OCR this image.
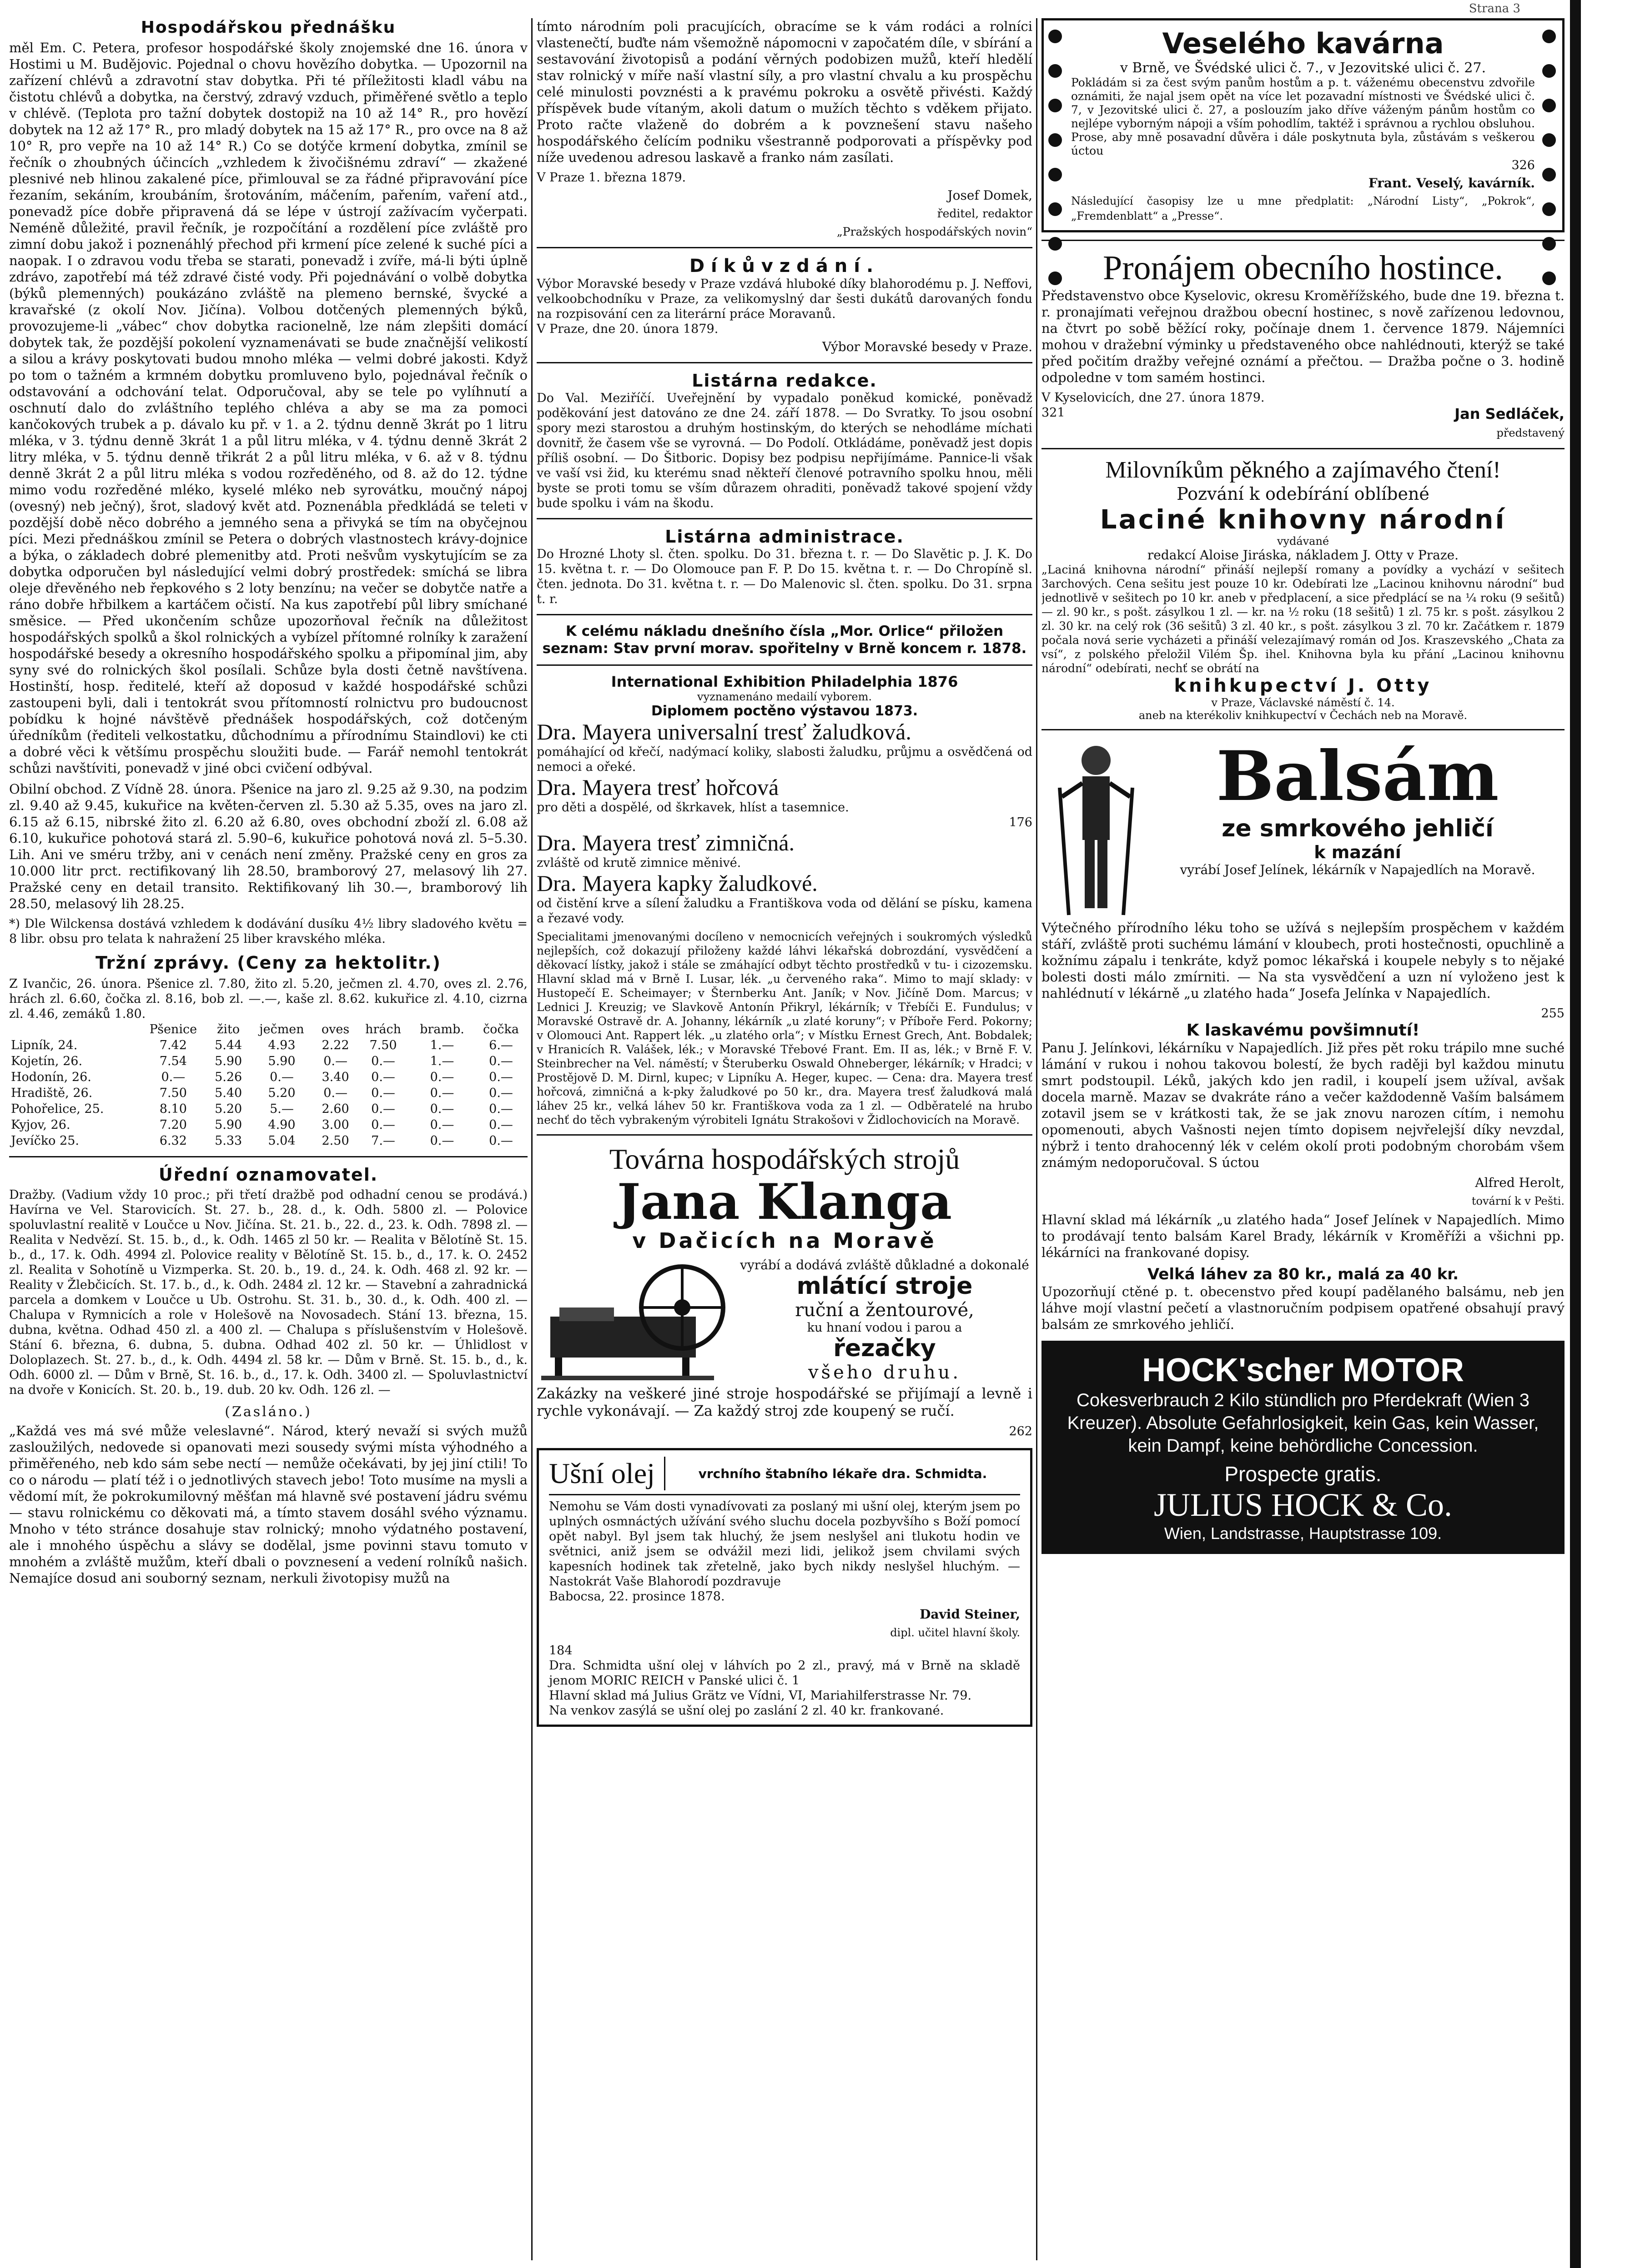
Strana 3
Hospodářskou přednášku

měl Em. C. Petera, profesor hospodářské školy znojemské dne 16. února v Hostimi u M. Budějovic. Pojednal o chovu hovězího dobytka. — Upozornil na zařízení chlévů a zdravotní stav dobytka. Při té příležitosti kladl vábu na čistotu chlévů a dobytka, na čerstvý, zdravý vzduch, přiměřené světlo a teplo v chlévě. (Teplota pro tažní dobytek dostopiž na 10 až 14° R., pro hovězí dobytek na 12 až 17° R., pro mladý dobytek na 15 až 17° R., pro ovce na 8 až 10° R, pro vepře na 10 až 14° R.) Co se dotýče krmení dobytka, zmínil se řečník o zhoubných účincích „vzhledem k živočišnému zdraví“ — zkažené plesnivé neb hlinou zakalené píce, přimlouval se za řádné připravování píce řezaním, sekáním, kroubáním, šrotováním, máčením, pařením, vaření atd., ponevadž píce dobře připravená dá se lépe v ústrojí zažívacím vyčerpati. Neméně důležité, pravil řečník, je rozpočítání a rozdělení píce zvláště pro zimní dobu jakož i poznenáhlý přechod při krmení píce zelené k suché píci a naopak. I o zdravou vodu třeba se starati, ponevadž i zvíře, má-li býti úplně zdrávo, zapotřebí má též zdravé čisté vody. Při pojednávání o volbě dobytka (býků plemenných) poukázáno zvláště na plemeno bernské, švycké a kravařské (z okolí Nov. Jičína). Volbou dotčených plemenných býků, provozujeme-li „vábec“ chov dobytka racionelně, lze nám zlepšiti domácí dobytek tak, že pozdější pokolení vyznamenávati se bude značnější velikostí a silou a krávy poskytovati budou mnoho mléka — velmi dobré jakosti. Když po tom o tažném a krmném dobytku promluveno bylo, pojednával řečník o odstavování a odchování telat. Odporučoval, aby se tele po vylíhnutí a oschnutí dalo do zvláštního teplého chléva a aby se ma za pomoci kančokových trubek a p. dávalo ku př. v 1. a 2. týdnu denně 3krát po 1 litru mléka, v 3. týdnu denně 3krát 1 a půl litru mléka, v 4. týdnu denně 3krát 2 litry mléka, v 5. týdnu denně třikrát 2 a půl litru mléka, v 6. až v 8. týdnu denně 3krát 2 a půl litru mléka s vodou rozředěného, od 8. až do 12. týdne mimo vodu rozředěné mléko, kyselé mléko neb syrovátku, moučný nápoj (ovesný) neb ječný), šrot, sladový květ atd. Poznenábla předkládá se teleti v pozdější době něco dobrého a jemného sena a přivyká se tím na obyčejnou píci. Mezi přednáškou zmínil se Petera o dobrých vlastnostech krávy-dojnice a býka, o základech dobré plemenitby atd. Proti nešvům vyskytujícím se za dobytka odporučen byl následující velmi dobrý prostředek: smíchá se libra oleje dřevěného neb řepkového s 2 loty benzínu; na večer se dobytče natře a ráno dobře hřbilkem a kartáčem očistí. Na kus zapotřebí půl libry smíchané směsice. — Před ukončením schůze upozorňoval řečník na důležitost hospodářských spolků a škol rolnických a vybízel přítomné rolníky k zaražení hospodářské besedy a okresního hospodářského spolku a připomínal jim, aby syny své do rolnických škol posílali. Schůze byla dosti četně navštívena. Hostinští, hosp. ředitelé, kteří až doposud v každé hospodářské schůzi zastoupeni byli, dali i tentokrát svou přítomností rolnictvu pro budoucnost pobídku k hojné návštěvě přednášek hospodářských, což dotčeným úředníkům (řediteli velkostatku, důchodnímu a přírodnímu Staindlovi) ke cti a dobré věci k většímu prospěchu sloužiti bude. — Farář nemohl tentokrát schůzi navštíviti, ponevadž v jiné obci cvičení odbýval.

Obilní obchod. Z Vídně 28. února. Pšenice na jaro zl. 9.25 až 9.30, na podzim zl. 9.40 až 9.45, kukuřice na květen-červen zl. 5.30 až 5.35, oves na jaro zl. 6.15 až 6.15, nibrské žito zl. 6.20 až 6.80, oves obchodní zboží zl. 6.08 až 6.10, kukuřice pohotová stará zl. 5.90–6, kukuřice pohotová nová zl. 5–5.30. Lih. Ani ve sméru tržby, ani v cenách není změny. Pražské ceny en gros za 10.000 litr prct. rectifikovaný lih 28.50, bramborový 27, melasový lih 27. Pražské ceny en detail transito. Rektifikovaný lih 30.—, bramborový lih 28.50, melasový lih 28.25.

*) Dle Wilckensa dostává vzhledem k dodávání dusíku 4½ libry sladového květu = 8 libr. obsu pro telata k nahražení 25 liber kravského mléka.

Tržní zprávy. (Ceny za hektolitr.)

Z Ivančic, 26. února. Pšenice zl. 7.80, žito zl. 5.20, ječmen zl. 4.70, oves zl. 2.76, hrách zl. 6.60, čočka zl. 8.16, bob zl. —.—, kaše zl. 8.62. kukuřice zl. 4.10, cizrna zl. 4.46, zemáků 1.80.

	Pšenice	žito	ječmen	oves	hrách	bramb.	čočka
Lipník, 24.	7.42	5.44	4.93	2.22	7.50	1.—	6.—
Kojetín, 26.	7.54	5.90	5.90	0.—	0.—	1.—	0.—
Hodonín, 26.	0.—	5.26	0.—	3.40	0.—	0.—	0.—
Hradiště, 26.	7.50	5.40	5.20	0.—	0.—	0.—	0.—
Pohořelice, 25.	8.10	5.20	5.—	2.60	0.—	0.—	0.—
Kyjov, 26.	7.20	5.90	4.90	3.00	0.—	0.—	0.—
Jevíčko 25.	6.32	5.33	5.04	2.50	7.—	0.—	0.—
Úřední oznamovatel.

Dražby. (Vadium vždy 10 proc.; při třetí dražbě pod odhadní cenou se prodává.) Havírna ve Vel. Starovicích. St. 27. b., 28. d., k. Odh. 5800 zl. — Polovice spoluvlastní realitě v Loučce u Nov. Jičína. St. 21. b., 22. d., 23. k. Odh. 7898 zl. — Realita v Nedvězí. St. 15. b., d., k. Odh. 1465 zl 50 kr. — Realita v Bělotíně St. 15. b., d., 17. k. Odh. 4994 zl. Polovice reality v Bělotíně St. 15. b., d., 17. k. O. 2452 zl. Realita v Sohotíně u Vizmperka. St. 20. b., 19. d., 24. k. Odh. 468 zl. 92 kr. — Reality v Žlebčicích. St. 17. b., d., k. Odh. 2484 zl. 12 kr. — Stavební a zahradnická parcela a domkem v Loučce u Ub. Ostrohu. St. 31. b., 30. d., k. Odh. 400 zl. — Chalupa v Rymnicích a role v Holešově na Novosadech. Stání 13. března, 15. dubna, května. Odhad 450 zl. a 400 zl. — Chalupa s příslušenstvím v Holešově. Stání 6. března, 6. dubna, 5. dubna. Odhad 402 zl. 50 kr. — Úhlidlost v Doloplazech. St. 27. b., d., k. Odh. 4494 zl. 58 kr. — Dům v Brně. St. 15. b., d., k. Odh. 6000 zl. — Dům v Brně, St. 16. b., d., 17. k. Odh. 3400 zl. — Spoluvlastnictví na dvoře v Konicích. St. 20. b., 19. dub. 20 kv. Odh. 126 zl. —

(Zasláno.)

„Každá ves má své může veleslavné“. Národ, který nevaží si svých mužů zasloužilých, nedovede si opanovati mezi sousedy svými místa výhodného a přiměřeného, neb kdo sám sebe nectí — nemůže očekávati, by jej jiní ctili! To co o národu — platí též i o jednotlivých stavech jebo! Toto musíme na mysli a vědomí mít, že pokrokumilovný měšťan má hlavně své postavení jádru svému — stavu rolnickému co děkovati má, a tímto stavem dosáhl svého významu. Mnoho v této stránce dosahuje stav rolnický; mnoho výdatného postavení, ale i mnohého úspěchu a slávy se dodělal, jsme povinni stavu tomuto v mnohém a zvláště mužům, kteří dbali o povznesení a vedení rolníků našich. Nemajíce dosud ani souborný seznam, nerkuli životopisy mužů na

tímto národním poli pracujících, obracíme se k vám rodáci a rolníci vlastenečtí, buďte nám všemožně nápomocni v započatém díle, v sbírání a sestavování životopisů a podání věrných podobizen mužů, kteří hledělí stav rolnický v míře naší vlastní síly, a pro vlastní chvalu a ku prospěchu celé minulosti povznésti a k pravému pokroku a osvětě přivésti. Každý příspěvek bude vítaným, akoli datum o mužích těchto s vděkem přijato. Proto račte vlaženě do dobrém a k povznešení stavu našeho hospodářského čelícím podniku všestranně podporovati a příspěvky pod níže uvedenou adresou laskavě a franko nám zasílati.

V Praze 1. března 1879.
Josef Domek,
ředitel, redaktor
„Pražských hospodářských novin“
Díkůvzdání.

Výbor Moravské besedy v Praze vzdává hluboké díky blahorodému p. J. Neffovi, velkoobchodníku v Praze, za velikomyslný dar šesti dukátů darovaných fondu na rozpisování cen za literární práce Moravanů.

V Praze, dne 20. února 1879.
Výbor Moravské besedy v Praze.
Listárna redakce.

Do Val. Meziříčí. Uveřejnění by vypadalo poněkud komické, poněvadž poděkování jest datováno ze dne 24. září 1878. — Do Svratky. To jsou osobní spory mezi starostou a druhým hostinským, do kterých se nehodláme míchati dovnitř, že časem vše se vyrovná. — Do Podolí. Otkládáme, poněvadž jest dopis příliš osobní. — Do Šitboric. Dopisy bez podpisu nepřijímáme. Pannice-li však ve vaší vsi žid, ku kterému snad někteří členové potravního spolku hnou, měli byste se proti tomu se vším důrazem ohraditi, poněvadž takové spojení vždy bude spolku i vám na škodu.

Listárna administrace.

Do Hrozné Lhoty sl. čten. spolku. Do 31. března t. r. — Do Slavětic p. J. K. Do 15. května t. r. — Do Olomouce pan F. P. Do 15. května t. r. — Do Chropíně sl. čten. jednota. Do 31. května t. r. — Do Malenovic sl. čten. spolku. Do 31. srpna t. r.

K celému nákladu dnešního čísla „Mor. Orlice“ přiložen seznam: Stav první morav. spořitelny v Brně koncem r. 1878.
International Exhibition Philadelphia 1876
vyznamenáno medailí vyborem.
Diplomem poctěno výstavou 1873.
Dra. Mayera universalní tresť žaludková.
pomáhající od křečí, nadýmací koliky, slabosti žaludku, průjmu a osvědčená od nemoci a ořeké.
Dra. Mayera tresť hořcová
pro děti a dospělé, od škrkavek, hlíst a tasemnice.
176
Dra. Mayera tresť zimničná.
zvláště od krutě zimnice měnivé.
Dra. Mayera kapky žaludkové.
od čistění krve a sílení žaludku a Františkova voda od dělání se písku, kamena a řezavé vody.

Specialitami jmenovanými docíleno v nemocnicích veřejných i soukromých výsledků nejlepších, což dokazují přiloženy každé láhvi lékařská dobrozdání, vysvědčení a děkovací lístky, jakož i stále se zmáhající odbyt těchto prostředků v tu- i cizozemsku. Hlavní sklad má v Brně I. Lusar, lék. „u červeného raka“. Mimo to mají sklady: v Hustopečí E. Scheimayer; v Šternberku Ant. Janík; v Nov. Jičíně Dom. Marcus; v Lednici J. Kreuzig; ve Slavkově Antonín Přikryl, lékárník; v Třebíči E. Fundulus; v Moravské Ostravě dr. A. Johanny, lékárník „u zlaté koruny“; v Příboře Ferd. Pokorny; v Olomouci Ant. Rappert lék. „u zlatého orla“; v Místku Ernest Grech, Ant. Bobdalek; v Hranicích R. Valášek, lék.; v Moravské Třebové Frant. Em. II as, lék.; v Brně F. V. Steinbrecher na Vel. náměstí; v Šteruberku Oswald Ohneberger, lékárník; v Hradci; v Prostějově D. M. Dirnl, kupec; v Lipníku A. Heger, kupec. — Cena: dra. Mayera tresť hořcová, zimničná a k-pky žaludkové po 50 kr., dra. Mayera tresť žaludková malá láhev 25 kr., velká láhev 50 kr. Františkova voda za 1 zl. — Odběratelé na hrubo nechť do těch vybrakeným výrobiteli Ignátu Strakošovi v Židlochovicích na Moravě.

Továrna hospodářských strojů
Jana Klanga
v Dačicích na Moravě
vyrábí a dodává zvláště důkladné a dokonalé
mlátící stroje
ruční a žentourové,
ku hnaní vodou i parou a
řezačky
všeho druhu.

Zakázky na veškeré jiné stroje hospodářské se přijímají a levně i rychle vykonávají. — Za každý stroj zde koupený se ručí.

262
Ušní olej	vrchního štabního lékaře dra. Schmidta.

Nemohu se Vám dosti vynadívovati za poslaný mi ušní olej, kterým jsem po uplných osmnáctých užívání svého sluchu docela pozbyvšího s Boží pomocí opět nabyl. Byl jsem tak hluchý, že jsem neslyšel ani tlukotu hodin ve světnici, aniž jsem se odvážil mezi lidi, jelikož jsem chvilami svých kapesních hodinek tak zřetelně, jako bych nikdy neslyšel hluchým. — Nastokrát Vaše Blahorodí pozdravuje

Babocsa, 22. prosince 1878.
David Steiner,
dipl. učitel hlavní školy.
184

Dra. Schmidta ušní olej v láhvích po 2 zl., pravý, má v Brně na skladě jenom MORIC REICH v Panské ulici č. 1

Hlavní sklad má Julius Grätz ve Vídni, VI, Mariahilferstrasse Nr. 79.

Na venkov zasýlá se ušní olej po zaslání 2 zl. 40 kr. frankované.

Veselého kavárna
v Brně, ve Švédské ulici č. 7., v Jezovitské ulici č. 27.

Pokládám si za čest svým panům hostům a p. t. váženému obecenstvu zdvořile oznámiti, že najal jsem opět na více let pozavadní místnosti ve Švédské ulici č. 7, v Jezovitské ulici č. 27, a poslouzím jako dříve váženým pánům hostům co nejlépe vyborným nápoji a vším pohodlím, taktéž i správnou a rychlou obsluhou. Prose, aby mně posavadní důvěra i dále poskytnuta byla, zůstávám s veškerou úctou

326
Frant. Veselý, kavárník.

Následující časopisy lze u mne předplatit: „Národní Listy“, „Pokrok“, „Fremdenblatt“ a „Presse“.

Pronájem obecního hostince.

Představenstvo obce Kyselovic, okresu Kroměřížského, bude dne 19. března t. r. pronajímati veřejnou dražbou obecní hostinec, s nově zařízenou ledovnou, na čtvrt po sobě běžící roky, počínaje dnem 1. července 1879. Nájemníci mohou v dražební výminky u představeného obce nahlédnouti, kterýž se také před počitím dražby veřejné oznámí a přečtou. — Dražba počne o 3. hodině odpoledne v tom samém hostinci.

V Kyselovicích, dne 27. února 1879.
321	Jan Sedláček,
představený
Milovníkům pěkného a zajímavého čtení!
Pozvání k odebírání oblíbené
Laciné knihovny národní
vydávané
redakcí Aloise Jiráska, nákladem J. Otty v Praze.

„Laciná knihovna národní“ přináší nejlepší romany a povídky a vychází v sešitech 3archových. Cena sešitu jest pouze 10 kr. Odebírati lze „Lacinou knihovnu národní“ bud jednotlivě v sešitech po 10 kr. aneb v předplacení, a sice předplácí se na ¼ roku (9 sešitů) — zl. 90 kr., s pošt. zásylkou 1 zl. — kr. na ½ roku (18 sešitů) 1 zl. 75 kr. s pošt. zásylkou 2 zl. 30 kr. na celý rok (36 sešitů) 3 zl. 40 kr., s pošt. zásylkou 3 zl. 70 kr. Začátkem r. 1879 počala nová serie vycházeti a přináší velezajímavý román od Jos. Kraszevského „Chata za vsí“, z polského přeložil Vilém Šp. ihel. Knihovna byla ku přání „Lacinou knihovnu národní“ odebírati, nechť se obrátí na

knihkupectví J. Otty
v Praze, Václavské náměstí č. 14.
aneb na kterékoliv knihkupectví v Čechách neb na Moravě.
Balsám
ze smrkového jehličí
k mazání
vyrábí Josef Jelínek, lékárník v Napajedlích na Moravě.

Výtečného přírodního léku toho se užívá s nejlepším prospěchem v každém stáří, zvláště proti suchému lámání v kloubech, proti hostečnosti, opuchlině a kožnímu zápalu i tenkráte, když pomoc lékařská i koupele nebyly s to nějaké bolesti dosti málo zmírniti. — Na sta vysvědčení a uzn ní vyloženo jest k nahlédnutí v lékárně „u zlatého hada“ Josefa Jelínka v Napajedlích.

255
K laskavému povšimnutí!

Panu J. Jelínkovi, lékárníku v Napajedlích. Již přes pět roku trápilo mne suché lámání v rukou i nohou takovou bolestí, že bych raději byl každou minutu smrt podstoupil. Léků, jakých kdo jen radil, i koupelí jsem užíval, avšak docela marně. Mazav se dvakráte ráno a večer každodenně Vaším balsámem zotavil jsem se v krátkosti tak, že se jak znovu narozen cítím, i nemohu opomenouti, abych Vašnosti nejen tímto dopisem nejvřelejší díky nevzdal, nýbrž i tento drahocenný lék v celém okolí proti podobným chorobám všem známým nedoporučoval. S úctou

Alfred Herolt,
tovární k v Pešti.

Hlavní sklad má lékárník „u zlatého hada“ Josef Jelínek v Napajedlích. Mimo to prodávají tento balsám Karel Brady, lékárník v Kroměříži a všichni pp. lékárníci na frankované dopisy.

Velká láhev za 80 kr., malá za 40 kr.

Upozorňují ctěné p. t. obecenstvo před koupí padělaného balsámu, neb jen láhve mojí vlastní pečetí a vlastnoručním podpisem opatřené obsahují pravý balsám ze smrkového jehličí.

HOCK'scher MOTOR
Cokesverbrauch 2 Kilo stündlich pro Pferdekraft (Wien 3 Kreuzer). Absolute Gefahrlosigkeit, kein Gas, kein Wasser, kein Dampf, keine behördliche Concession.
Prospecte gratis.
JULIUS HOCK & Co.
Wien, Landstrasse, Hauptstrasse 109.
